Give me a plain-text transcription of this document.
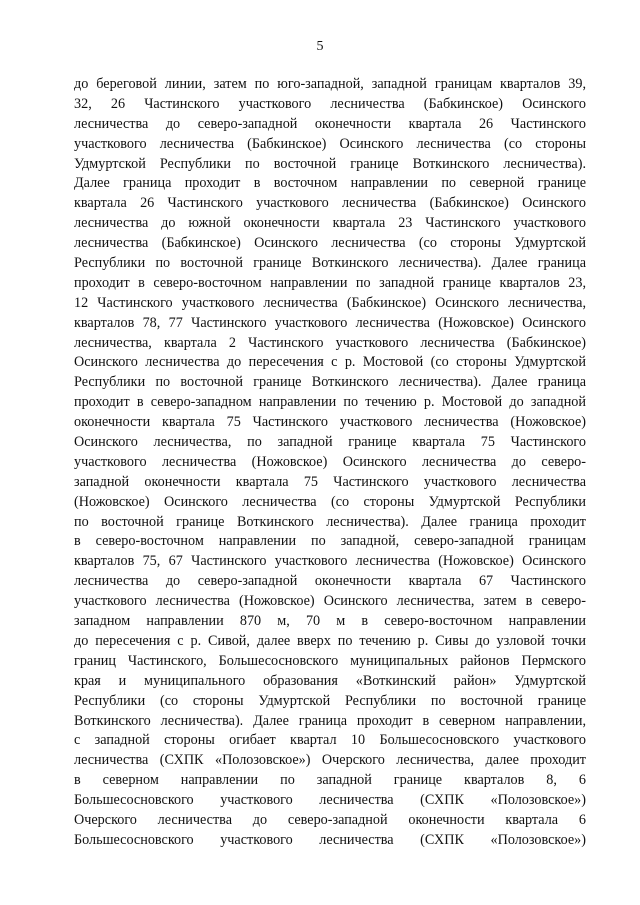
5
до береговой линии, затем по юго-западной, западной границам кварталов 39,
32, 26 Частинского участкового лесничества (Бабкинское) Осинского
лесничества до северо-западной оконечности квартала 26 Частинского
участкового лесничества (Бабкинское) Осинского лесничества (со стороны
Удмуртской Республики по восточной границе Воткинского лесничества).
Далее граница проходит в восточном направлении по северной границе
квартала 26 Частинского участкового лесничества (Бабкинское) Осинского
лесничества до южной оконечности квартала 23 Частинского участкового
лесничества (Бабкинское) Осинского лесничества (со стороны Удмуртской
Республики по восточной границе Воткинского лесничества). Далее граница
проходит в северо-восточном направлении по западной границе кварталов 23,
12 Частинского участкового лесничества (Бабкинское) Осинского лесничества,
кварталов 78, 77 Частинского участкового лесничества (Ножовское) Осинского
лесничества, квартала 2 Частинского участкового лесничества (Бабкинское)
Осинского лесничества до пересечения с р. Мостовой (со стороны Удмуртской
Республики по восточной границе Воткинского лесничества). Далее граница
проходит в северо-западном направлении по течению р. Мостовой до западной
оконечности квартала 75 Частинского участкового лесничества (Ножовское)
Осинского лесничества, по западной границе квартала 75 Частинского
участкового лесничества (Ножовское) Осинского лесничества до северо-
западной оконечности квартала 75 Частинского участкового лесничества
(Ножовское) Осинского лесничества (со стороны Удмуртской Республики
по восточной границе Воткинского лесничества). Далее граница проходит
в северо-восточном направлении по западной, северо-западной границам
кварталов 75, 67 Частинского участкового лесничества (Ножовское) Осинского
лесничества до северо-западной оконечности квартала 67 Частинского
участкового лесничества (Ножовское) Осинского лесничества, затем в северо-
западном направлении 870 м, 70 м в северо-восточном направлении
до пересечения с р. Сивой, далее вверх по течению р. Сивы до узловой точки
границ Частинского, Большесосновского муниципальных районов Пермского
края и муниципального образования «Воткинский район» Удмуртской
Республики (со стороны Удмуртской Республики по восточной границе
Воткинского лесничества). Далее граница проходит в северном направлении,
с западной стороны огибает квартал 10 Большесосновского участкового
лесничества (СХПК «Полозовское») Очерского лесничества, далее проходит
в северном направлении по западной границе кварталов 8, 6
Большесосновского участкового лесничества (СХПК «Полозовское»)
Очерского лесничества до северо-западной оконечности квартала 6
Большесосновского участкового лесничества (СХПК «Полозовское»)
